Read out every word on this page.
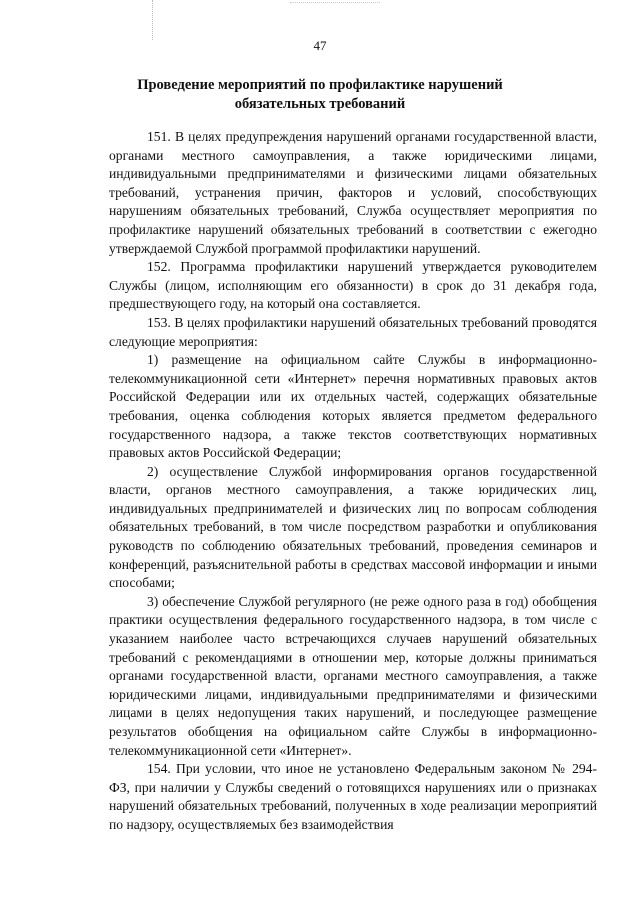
47
Проведение мероприятий по профилактике нарушений обязательных требований

151. В целях предупреждения нарушений органами государственной власти, органами местного самоуправления, а также юридическими лицами, индивидуальными предпринимателями и физическими лицами обязательных требований, устранения причин, факторов и условий, способствующих нарушениям обязательных требований, Служба осуществляет мероприятия по профилактике нарушений обязательных требований в соответствии с ежегодно утверждаемой Службой программой профилактики нарушений.

152. Программа профилактики нарушений утверждается руководителем Службы (лицом, исполняющим его обязанности) в срок до 31 декабря года, предшествующего году, на который она составляется.

153. В целях профилактики нарушений обязательных требований проводятся следующие мероприятия:

1) размещение на официальном сайте Службы в информационно-телекоммуникационной сети «Интернет» перечня нормативных правовых актов Российской Федерации или их отдельных частей, содержащих обязательные требования, оценка соблюдения которых является предметом федерального государственного надзора, а также текстов соответствующих нормативных правовых актов Российской Федерации;

2) осуществление Службой информирования органов государственной власти, органов местного самоуправления, а также юридических лиц, индивидуальных предпринимателей и физических лиц по вопросам соблюдения обязательных требований, в том числе посредством разработки и опубликования руководств по соблюдению обязательных требований, проведения семинаров и конференций, разъяснительной работы в средствах массовой информации и иными способами;

3) обеспечение Службой регулярного (не реже одного раза в год) обобщения практики осуществления федерального государственного надзора, в том числе с указанием наиболее часто встречающихся случаев нарушений обязательных требований с рекомендациями в отношении мер, которые должны приниматься органами государственной власти, органами местного самоуправления, а также юридическими лицами, индивидуальными предпринимателями и физическими лицами в целях недопущения таких нарушений, и последующее размещение результатов обобщения на официальном сайте Службы в информационно-телекоммуникационной сети «Интернет».

154. При условии, что иное не установлено Федеральным законом № 294-ФЗ, при наличии у Службы сведений о готовящихся нарушениях или о признаках нарушений обязательных требований, полученных в ходе реализации мероприятий по надзору, осуществляемых без взаимодействия
